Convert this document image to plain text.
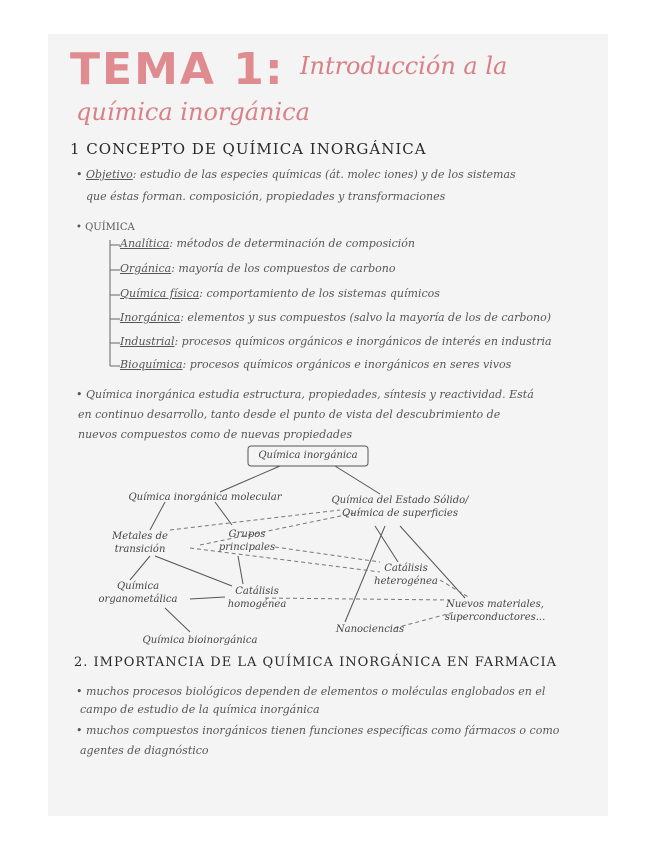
TEMA 1 : Introducción a la
química inorgánica
1 CONCEPTO DE QUÍMICA INORGÁNICA
• Objetivo: estudio de las especies químicas (át. molec iones) y de los sistemas
que éstas forman. composición, propiedades y transformaciones
• QUÍMICA
Analítica: métodos de determinación de composición
Orgánica: mayoría de los compuestos de carbono
Química física: comportamiento de los sistemas químicos
Inorgánica: elementos y sus compuestos (salvo la mayoría de los de carbono)
Industrial: procesos químicos orgánicos e inorgánicos de interés en industria
Bioquímica: procesos químicos orgánicos e inorgánicos en seres vivos
• Química inorgánica estudia estructura, propiedades, síntesis y reactividad. Está
en continuo desarrollo, tanto desde el punto de vista del descubrimiento de
nuevos compuestos como de nuevas propiedades
Química inorgánica
Química inorgánica molecular	Química del Estado Sólido/
Química de superficies
Metales de
transición
Grupos
principales
Catálisis
heterogénea
Química
organometálica
Catálisis
homogénea	Nuevos materiales,
superconductores...
Química bioinorgánica
Nanociencias
2. IMPORTANCIA DE LA QUÍMICA INORGÁNICA EN FARMACIA
• muchos procesos biológicos dependen de elementos o moléculas englobados en el
campo de estudio de la química inorgánica
• muchos compuestos inorgánicos tienen funciones específicas como fármacos o como
agentes de diagnóstico
